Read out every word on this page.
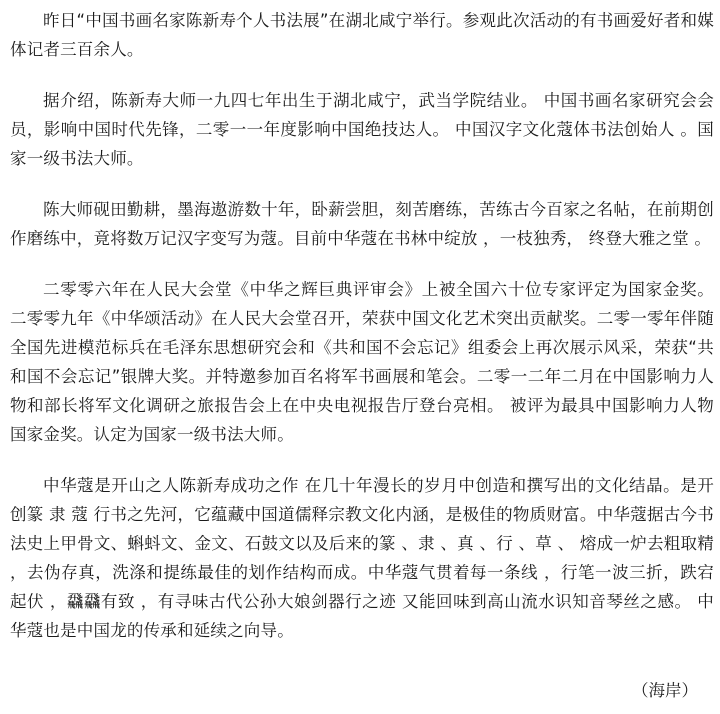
昨日“中国书画名家陈新寿个人书法展”在湖北咸宁举行。参观此次活动的有书画爱好者和媒体记者三百余人。

据介绍，陈新寿大师一九四七年出生于湖北咸宁，武当学院结业。 中国书画名家研究会会员，影响中国时代先锋，二零一一年度影响中国绝技达人。 中国汉字文化蔻体书法创始人 。国家一级书法大师。

陈大师砚田勤耕，墨海遨游数十年，卧薪尝胆，刻苦磨练，苦练古今百家之名帖，在前期创作磨练中，竟将数万记汉字变写为蔻。目前中华蔻在书林中绽放 ，一枝独秀， 终登大雅之堂 。

二零零六年在人民大会堂《中华之辉巨典评审会》上被全国六十位专家评定为国家金奖。 二零零九年《中华颂活动》在人民大会堂召开，荣获中国文化艺术突出贡献奖。二零一零年伴随全国先进模范标兵在毛泽东思想研究会和《共和国不会忘记》组委会上再次展示风采，荣获“共和国不会忘记”银牌大奖。并特邀参加百名将军书画展和笔会。二零一二年二月在中国影响力人物和部长将军文化调研之旅报告会上在中央电视报告厅登台亮相。 被评为最具中国影响力人物国家金奖。认定为国家一级书法大师。

中华蔻是开山之人陈新寿成功之作 在几十年漫长的岁月中创造和撰写出的文化结晶。是开创篆 隶 蔻 行书之先河，它蕴藏中国道儒释宗教文化内涵，是极佳的物质财富。中华蔻据古今书法史上甲骨文、蝌蚪文、金文、石鼓文以及后来的篆 、隶 、真 、行 、草 、 熔成一炉去粗取精 ，去伪存真，洗涤和提练最佳的划作结构而成。中华蔻气贯着每一条线 ，行笔一波三折，跌宕起伏 ，飝飝有致 ，有寻味古代公孙大娘剑器行之迹 又能回味到高山流水识知音琴丝之感。 中华蔻也是中国龙的传承和延续之向导。

（海岸）
